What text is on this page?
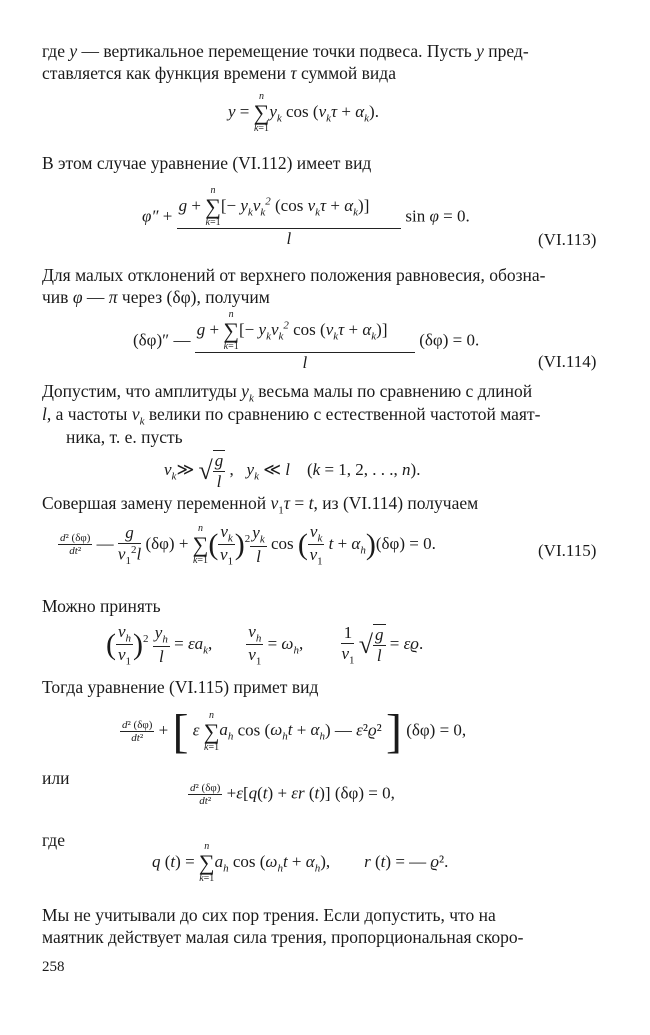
где y — вертикальное перемещение точки подвеса. Пусть y пред-
ставляется как функция времени τ суммой вида
y =
n
∑
k=1
$y_k$ $\cos (\nu_k\tau + \alpha_k)$.
В этом случае уравнение (VI.112) имеет вид
φ″ + g +
n
∑
k=1
[− $y_k\nu_k^2$ (cos $\nu_k\tau + \alpha_k$)]
l sin φ = 0.
(VI.113)
Для малых отклонений от верхнего положения равновесия, обозна-
чив φ — π через (δφ), получим
(δφ)″ — g +
n
∑
k=1
[− $y_k\nu_k^2$ $\cos (\nu_k\tau + \alpha_k)$]
l (δφ) = 0.
(VI.114)
Допустим, что амплитуды $y_k$ весьма малы по сравнению с длиной
l, а частоты $\nu_k$ велики по сравнению с естественной частотой маят-
ника, т. е. пусть
$\nu_k≫$ √ $\frac{g}{l}$ ,   $y_k$ ≪ l    (k = 1, 2, . . ., n).
Совершая замену переменной $\nu_1\tau = t$, из (VI.114) получаем
$\frac{\text{d² (δφ)}}{\text{dt²}}$ — $\frac{g}{\nu_1^2l} (\delta\varphi)$ +
n
∑
k=1 ( $\frac{\nu_k}{\nu_1} )^2 \frac{y_k}{l}$ cos ( $\frac{\nu_k}{\nu_1}$ $t + \alpha_h)(\delta\varphi) = 0$.	(VI.115)
Можно принять
( $\frac{\nu_h}{\nu_1} )^2 \frac{y_h}{l} = \varepsilon a_k$, $\frac{\nu_h}{\nu_1} = \omega_h$, $\frac{1}{\nu_1}$ √ $\frac{g}{l} = \varepsilon ϱ$.
Тогда уравнение (VI.115) примет вид
$\frac{\text{d² (δφ)}}{\text{dt²}}$ + [ ε
n
∑
k=1
$a_h$ $\cos (\omega_ht + \alpha_h)$ — ε²ϱ² ] (δφ) = 0,
или
$\frac{\text{d² (δφ)}}{\text{dt²}} +\varepsilon[q(t) + \varepsilon r$ (t)] (δφ) = 0,
где
q (t) =
n
∑
k=1
$a_h$ $\cos (\omega_ht + \alpha_h)$,        r (t) = — ϱ².
Мы не учитывали до сих пор трения. Если допустить, что на
маятник действует малая сила трения, пропорциональная скоро-
258
